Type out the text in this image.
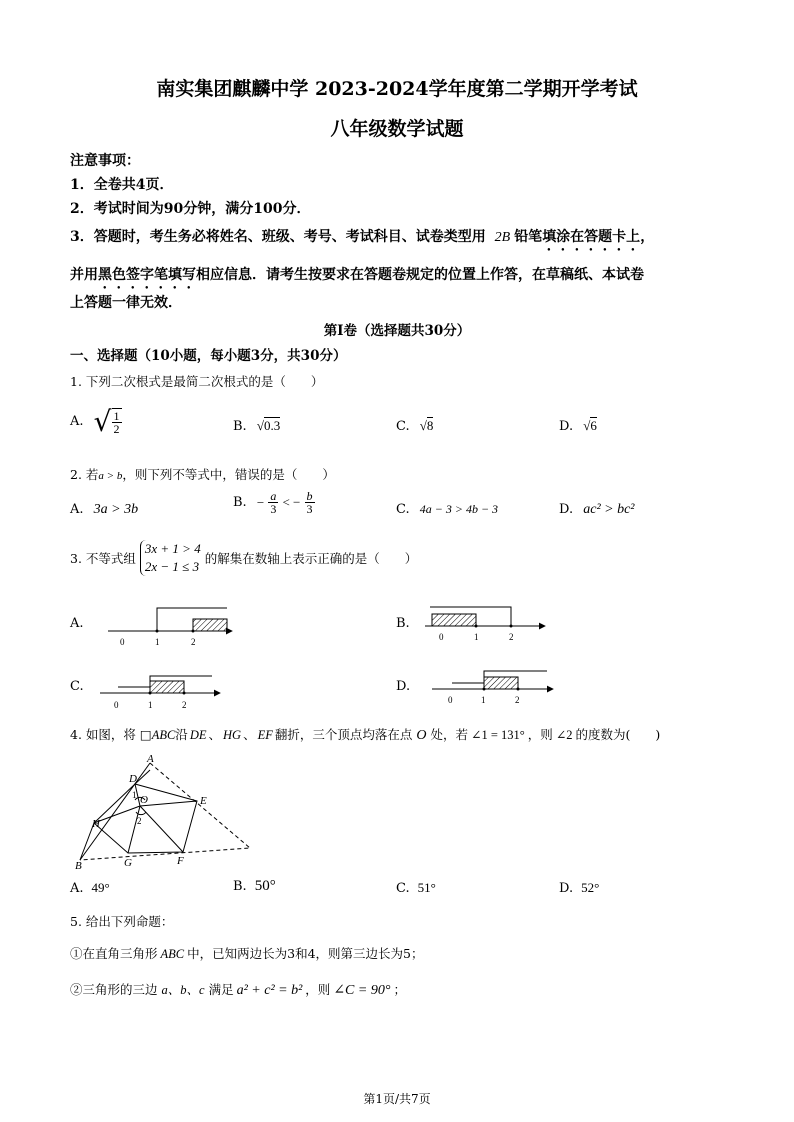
南实集团麒麟中学 2023-2024学年度第二学期开学考试
八年级数学试题
注意事项：
1．全卷共4页．
2．考试时间为90分钟，满分100分．
3．答题时，考生务必将姓名、班级、考号、考试科目、试卷类型用 2B 铅笔填涂在答题卡上，
并用黑色签字笔填写相应信息．请考生按要求在答题卷规定的位置上作答，在草稿纸、本试卷
上答题一律无效．
第Ⅰ卷（选择题共30分）
一、选择题（10小题，每小题3分，共30分）
1. 下列二次根式是最简二次根式的是（　　）
A. √ $\frac{1}{2}$	B. √0.3	C. √8	D. √6
2. 若a > b，则下列不等式中，错误的是（　　）
A. 3a > 3b	B. − $\frac{a}{3}$ < − $\frac{b}{3}$	C. 4a − 3 > 4b − 3	D. ac² > bc²
3. 不等式组
3x + 1 > 4
2x − 1 ≤ 3
的解集在数轴上表示正确的是（　　）
A.	B.
C.	D.
0	1	2	0	1	2
0	1	2	0	1	2
A
D
O	E
H
B	G	F
1
2
4. 如图，将 □ABC沿 DE 、 HG 、 EF 翻折，三个顶点均落在点 O 处，若 ∠1 = 131° ，则 ∠2 的度数为(　　)
A. 49°	B. 50°	C. 51°	D. 52°
5. 给出下列命题：
①在直角三角形 ABC 中，已知两边长为3和4，则第三边长为5；
②三角形的三边 a、b、c 满足 a² + c² = b² ，则 ∠C = 90° ；
第1页/共7页
